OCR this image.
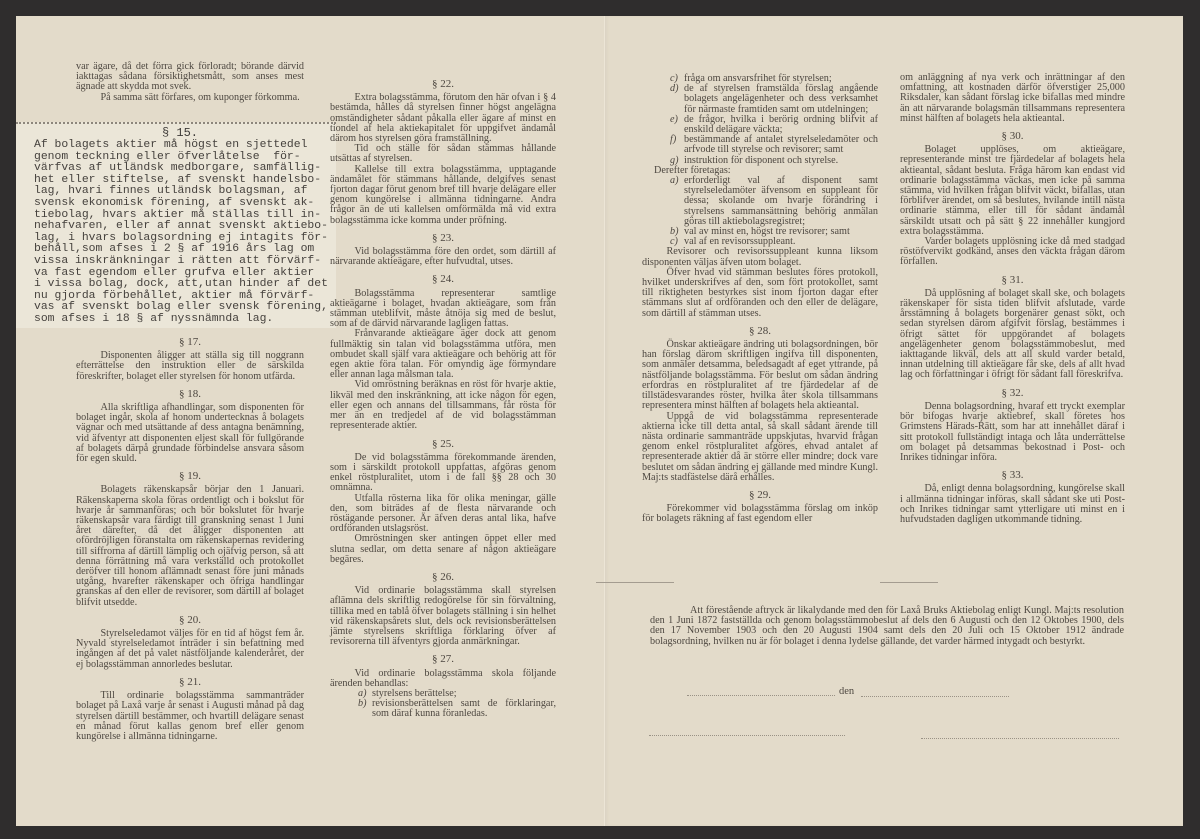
var ägare, då det förra gick förloradt; börande därvid iakttagas sådana försiktighetsmått, som anses mest ägnade att skydda mot svek.
På samma sätt förfares, om kuponger förkomma.
§ 15.
Af bolagets aktier må högst en sjettedel
genom teckning eller öfverlåtelse  för-
värfvas af utländsk medborgare, samfällig-
het eller stiftelse, af svenskt handelsbo-
lag, hvari finnes utländsk bolagsman, af
svensk ekonomisk förening, af svenskt ak-
tiebolag, hvars aktier må ställas till in-
nehafvaren, eller af annat svenskt aktiebo-
lag, i hvars bolagsordning ej intagits för-
behåll,som afses i 2 § af 1916 års lag om
vissa inskränkningar i rätten att förvärf-
va fast egendom eller grufva eller aktier
i vissa bolag, dock, att,utan hinder af det
nu gjorda förbehållet, aktier må förvärf-
vas af svenskt bolag eller svensk förening,
som afses i 18 § af nyssnämnda lag.
§ 17.
Disponenten åligger att ställa sig till noggrann efterrättelse den instruktion eller de särskilda föreskrifter, bolaget eller styrelsen för honom utfärda.
§ 18.
Alla skriftliga afhandlingar, som disponenten för bolaget ingår, skola af honom undertecknas å bolagets vägnar och med utsättande af dess antagna benämning, vid äfventyr att disponenten eljest skall för fullgörande af bolagets därpå grundade förbindelse ansvara såsom för egen skuld.
§ 19.
Bolagets räkenskapsår börjar den 1 Januari. Räkenskaperna skola föras ordentligt och i bokslut för hvarje år sammanföras; och bör bokslutet för hvarje räkenskapsår vara färdigt till granskning senast 1 Juni året därefter, då det åligger disponenten att ofördröjligen föranstalta om räkenskapernas revidering till siffrorna af därtill lämplig och ojäfvig person, så att denna förrättning må vara verkställd och protokollet deröfver till honom aflämnadt senast före juni månads utgång, hvarefter räkenskaper och öfriga handlingar granskas af den eller de revisorer, som därtill af bolaget blifvit utsedde.
§ 20.
Styrelseledamot väljes för en tid af högst fem år. Nyvald styrelseledamot inträder i sin befattning med ingången af det på valet nästföljande kalenderåret, der ej bolagsstämman annorledes beslutar.
§ 21.
Till ordinarie bolagsstämma sammanträder bolaget på Laxå varje år senast i Augusti månad på dag styrelsen därtill bestämmer, och hvartill delägare senast en månad förut kallas genom bref eller genom kungörelse i allmänna tidningarne.
§ 22.
Extra bolagsstämma, förutom den här ofvan i § 4 bestämda, hålles då styrelsen finner högst angelägna omständigheter sådant påkalla eller ägare af minst en tiondel af hela aktiekapitalet för uppgifvet ändamål därom hos styrelsen göra framställning.
Tid och ställe för sådan stämmas hållande utsättas af styrelsen.
Kallelse till extra bolagsstämma, upptagande ändamålet för stämmans hållande, delgifves senast fjorton dagar förut genom bref till hvarje delägare eller genom kungörelse i allmänna tidningarne. Andra frågor än de uti kallelsen omförmälda må vid extra bolagsstämma icke komma under pröfning.
§ 23.
Vid bolagsstämma före den ordet, som därtill af närvarande aktieägare, efter hufvudtal, utses.
§ 24.
Bolagsstämma representerar samtlige aktieägarne i bolaget, hvadan aktieägare, som från stämman uteblifvit, måste åtnöja sig med de beslut, som af de därvid närvarande lagligen fattas.
Frånvarande aktieägare äger dock att genom fullmäktig sin talan vid bolagsstämma utföra, men ombudet skall själf vara aktieägare och behörig att för egen aktie föra talan. För omyndig äge förmyndare eller annan laga målsman tala.
Vid omröstning beräknas en röst för hvarje aktie, likväl med den inskränkning, att icke någon för egen, eller egen och annans del tillsammans, får rösta för mer än en tredjedel af de vid bolagsstämman representerade aktier.
§ 25.
De vid bolagsstämma förekommande ärenden, som i särskildt protokoll uppfattas, afgöras genom enkel röstpluralitet, utom i de fall §§ 28 och 30 omnämna.
Utfalla rösterna lika för olika meningar, gälle den, som biträdes af de flesta närvarande och röstägande personer. Är äfven deras antal lika, hafve ordföranden utslagsröst.
Omröstningen sker antingen öppet eller med slutna sedlar, om detta senare af någon aktieägare begäres.
§ 26.
Vid ordinarie bolagsstämma skall styrelsen aflämna dels skriftlig redogörelse för sin förvaltning, tillika med en tablå öfver bolagets ställning i sin helhet vid räkenskapsårets slut, dels ock revisionsberättelsen jämte styrelsens skriftliga förklaring öfver af revisorerna till äfventyrs gjorda anmärkningar.
§ 27.
Vid ordinarie bolagsstämma skola följande ärenden behandlas:
a) styrelsens berättelse;
b) revisionsberättelsen samt de förklaringar, som däraf kunna föranledas.
c) fråga om ansvarsfrihet för styrelsen;
d) de af styrelsen framstälda förslag angående bolagets angelägenheter och dess verksamhet för närmaste framtiden samt om utdelningen;
e) de frågor, hvilka i berörig ordning blifvit af enskild delägare väckta;
f) bestämmande af antalet styrelseledamöter och arfvode till styrelse och revisorer; samt
g) instruktion för disponent och styrelse.
Derefter företagas:
a) erforderligt val af disponent samt styrelseledamöter äfvensom en suppleant för dessa; skolande om hvarje förändring i styrelsens sammansättning behörig anmälan göras till aktiebolagsregistret;
b) val av minst en, högst tre revisorer; samt
c) val af en revisorssuppleant.
Revisorer och revisorssuppleant kunna liksom disponenten väljas äfven utom bolaget.
Öfver hvad vid stämman beslutes föres protokoll, hvilket underskrifves af den, som fört protokollet, samt till riktigheten bestyrkes sist inom fjorton dagar efter stämmans slut af ordföranden och den eller de delägare, som därtill af stämman utses.
§ 28.
Önskar aktieägare ändring uti bolagsordningen, bör han förslag därom skriftligen ingifva till disponenten, som anmäler detsamma, beledsagadt af eget yttrande, på nästföljande bolagsstämma. För beslut om sådan ändring erfordras en röstpluralitet af tre fjärdedelar af de tillstädesvarandes röster, hvilka åter skola tillsammans representera minst hälften af bolagets hela aktieantal.
Uppgå de vid bolagsstämma representerade aktierna icke till detta antal, så skall sådant ärende till nästa ordinarie sammanträde uppskjutas, hvarvid frågan genom enkel röstpluralitet afgöres, ehvad antalet af representerade aktier då är större eller mindre; dock vare beslutet om sådan ändring ej gällande med mindre Kungl. Maj:ts stadfästelse därå erhålles.
§ 29.
Förekommer vid bolagsstämma förslag om inköp för bolagets räkning af fast egendom eller
om anläggning af nya verk och inrättningar af den omfattning, att kostnaden därför öfverstiger 25,000 Riksdaler, kan sådant förslag icke bifallas med mindre än att närvarande bolagsmän tillsammans representera minst hälften af bolagets hela aktieantal.
§ 30.
Bolaget upplöses, om aktieägare, representerande minst tre fjärdedelar af bolagets hela aktieantal, sådant besluta. Fråga härom kan endast vid ordinarie bolagsstämma väckas, men icke på samma stämma, vid hvilken frågan blifvit väckt, bifallas, utan förblifver ärendet, om så beslutes, hvilande intill nästa ordinarie stämma, eller till för sådant ändamål särskildt utsatt och på sätt § 22 innehåller kungjord extra bolagsstämma.
Varder bolagets upplösning icke då med stadgad röstöfvervikt godkänd, anses den väckta frågan därom förfallen.
§ 31.
Då upplösning af bolaget skall ske, och bolagets räkenskaper för sista tiden blifvit afslutade, varde årsstämning å bolagets borgenärer genast sökt, och sedan styrelsen därom afgifvit förslag, bestämmes i öfrigt sättet för uppgörandet af bolagets angelägenheter genom bolagsstämmobeslut, med iakttagande likväl, dels att all skuld varder betald, innan utdelning till aktieägare får ske, dels af allt hvad lag och författningar i öfrigt för sådant fall föreskrifva.
§ 32.
Denna bolagsordning, hvaraf ett tryckt exemplar bör bifogas hvarje aktiebref, skall företes hos Grimstens Härads-Rätt, som har att innehållet däraf i sitt protokoll fullständigt intaga och låta underrättelse om bolaget på detsammas bekostnad i Post- och Inrikes tidningar införa.
§ 33.
Då, enligt denna bolagsordning, kungörelse skall i allmänna tidningar införas, skall sådant ske uti Post- och Inrikes tidningar samt ytterligare uti minst en i hufvudstaden dagligen utkommande tidning.

Att förestående aftryck är likalydande med den för Laxå Bruks Aktiebolag enligt Kungl. Maj:ts resolution den 1 Juni 1872 fastställda och genom bolagsstämmobeslut af dels den 6 Augusti och den 12 Oktobes 1900, dels den 17 November 1903 och den 20 Augusti 1904 samt dels den 20 Juli och 15 Oktober 1912 ändrade bolagsordning, hvilken nu är för bolaget i denna lydelse gällande, det varder härmed intygadt och bestyrkt.

den
